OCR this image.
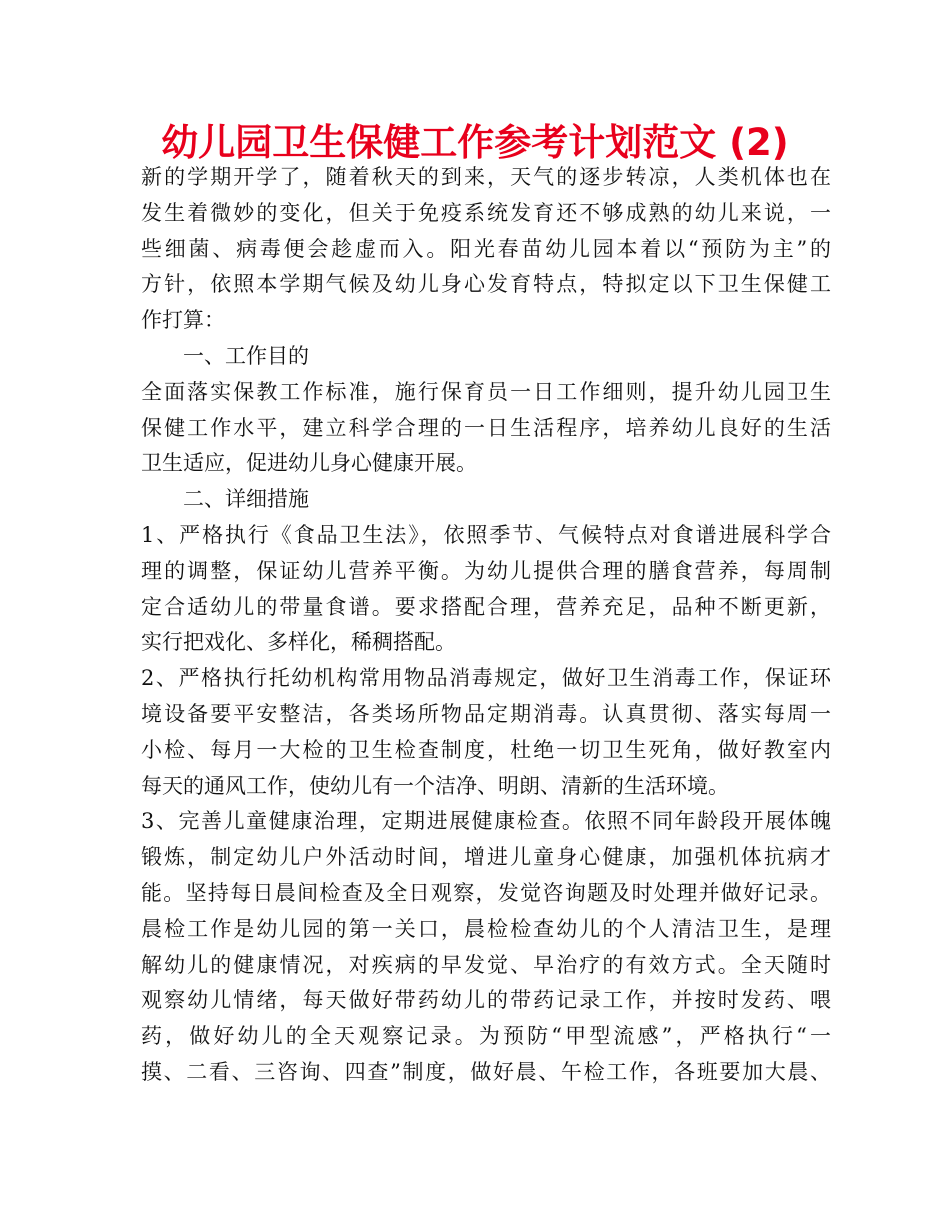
幼儿园卫生保健工作参考计划范文 (2)
新的学期开学了，随着秋天的到来，天气的逐步转凉，人类机体也在
发生着微妙的变化，但关于免疫系统发育还不够成熟的幼儿来说，一
些细菌、病毒便会趁虚而入。阳光春苗幼儿园本着以“预防为主”的
方针，依照本学期气候及幼儿身心发育特点，特拟定以下卫生保健工
作打算：
一、工作目的
全面落实保教工作标准，施行保育员一日工作细则，提升幼儿园卫生
保健工作水平，建立科学合理的一日生活程序，培养幼儿良好的生活
卫生适应，促进幼儿身心健康开展。
二、详细措施
1、严格执行《食品卫生法》，依照季节、气候特点对食谱进展科学合
理的调整，保证幼儿营养平衡。为幼儿提供合理的膳食营养，每周制
定合适幼儿的带量食谱。要求搭配合理，营养充足，品种不断更新，
实行把戏化、多样化，稀稠搭配。
2、严格执行托幼机构常用物品消毒规定，做好卫生消毒工作，保证环
境设备要平安整洁，各类场所物品定期消毒。认真贯彻、落实每周一
小检、每月一大检的卫生检查制度，杜绝一切卫生死角，做好教室内
每天的通风工作，使幼儿有一个洁净、明朗、清新的生活环境。
3、完善儿童健康治理，定期进展健康检查。依照不同年龄段开展体魄
锻炼，制定幼儿户外活动时间，增进儿童身心健康，加强机体抗病才
能。坚持每日晨间检查及全日观察，发觉咨询题及时处理并做好记录。
晨检工作是幼儿园的第一关口，晨检检查幼儿的个人清洁卫生，是理
解幼儿的健康情况，对疾病的早发觉、早治疗的有效方式。全天随时
观察幼儿情绪，每天做好带药幼儿的带药记录工作，并按时发药、喂
药，做好幼儿的全天观察记录。为预防“甲型流感”，严格执行“一
摸、二看、三咨询、四查”制度，做好晨、午检工作，各班要加大晨、
